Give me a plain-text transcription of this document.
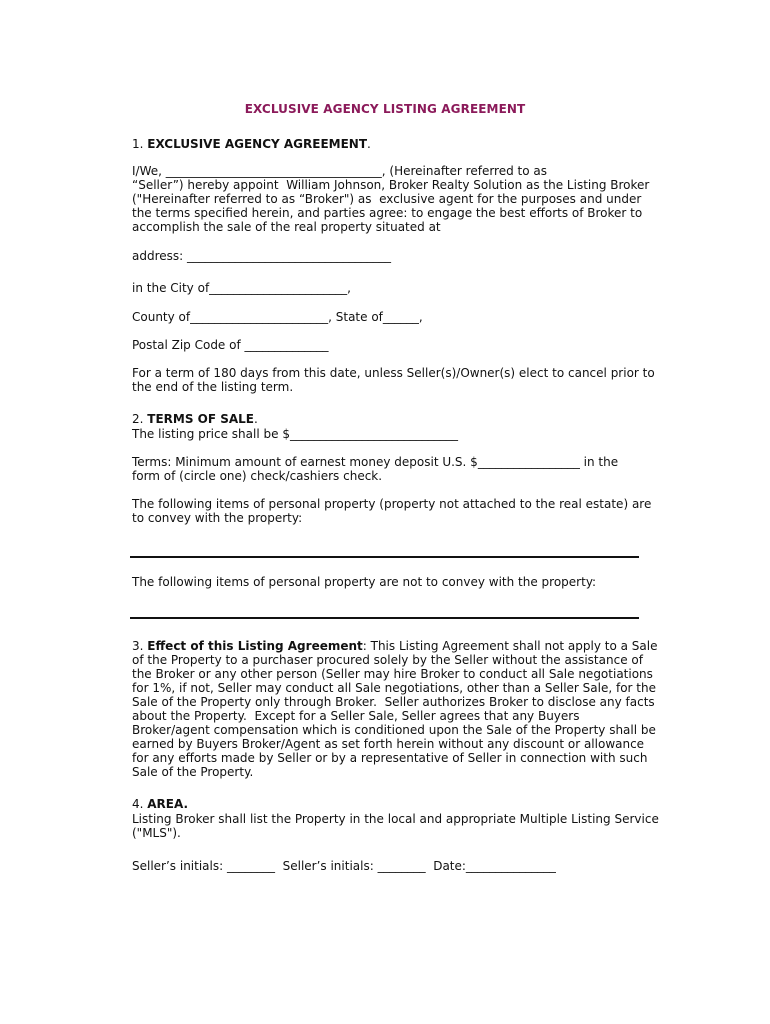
EXCLUSIVE AGENCY LISTING AGREEMENT
1. EXCLUSIVE AGENCY AGREEMENT.
I/We, ____________________________________, (Hereinafter referred to as
“Seller”) hereby appoint  William Johnson, Broker Realty Solution as the Listing Broker
("Hereinafter referred to as “Broker") as  exclusive agent for the purposes and under
the terms specified herein, and parties agree: to engage the best efforts of Broker to
accomplish the sale of the real property situated at
address: __________________________________
in the City of_______________________,
County of_______________________, State of______,
Postal Zip Code of ______________
For a term of 180 days from this date, unless Seller(s)/Owner(s) elect to cancel prior to
the end of the listing term.
2. TERMS OF SALE.
The listing price shall be $____________________________
Terms: Minimum amount of earnest money deposit U.S. $_________________ in the
form of (circle one) check/cashiers check.
The following items of personal property (property not attached to the real estate) are
to convey with the property:
The following items of personal property are not to convey with the property:
3. Effect of this Listing Agreement: This Listing Agreement shall not apply to a Sale
of the Property to a purchaser procured solely by the Seller without the assistance of
the Broker or any other person (Seller may hire Broker to conduct all Sale negotiations
for 1%, if not, Seller may conduct all Sale negotiations, other than a Seller Sale, for the
Sale of the Property only through Broker.  Seller authorizes Broker to disclose any facts
about the Property.  Except for a Seller Sale, Seller agrees that any Buyers
Broker/agent compensation which is conditioned upon the Sale of the Property shall be
earned by Buyers Broker/Agent as set forth herein without any discount or allowance
for any efforts made by Seller or by a representative of Seller in connection with such
Sale of the Property.
4. AREA.
Listing Broker shall list the Property in the local and appropriate Multiple Listing Service
("MLS").
Seller’s initials: ________  Seller’s initials: ________  Date:_______________
